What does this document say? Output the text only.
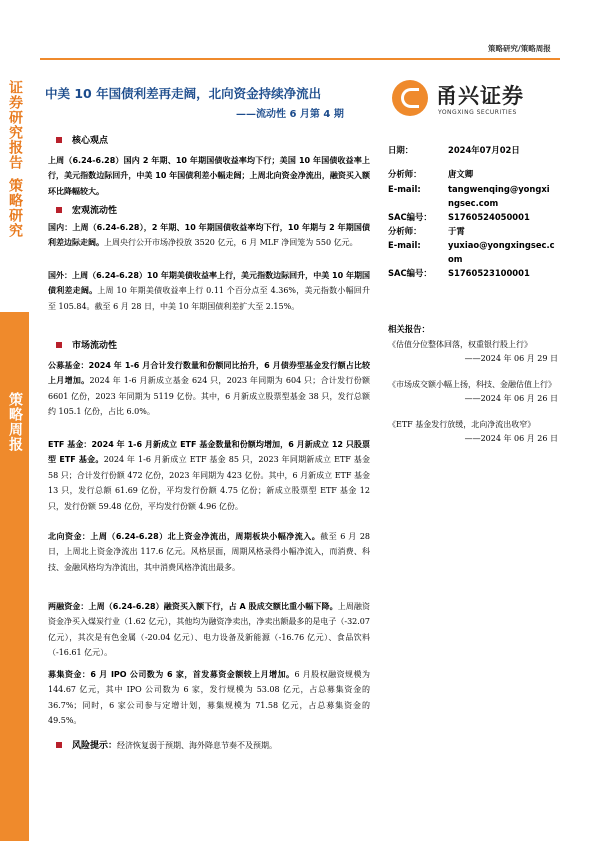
证券研究报告
策略研究
策略周报
策略研究/策略周报
中美 10 年国债利差再走阔，北向资金持续净流出
——流动性 6 月第 4 期
甬兴证券
YONGXING SECURITIES
核心观点
上周（6.24-6.28）国内 2 年期、10 年期国债收益率均下行；美国 10 年国债收益率上行，美元指数边际回升，中美 10 年国债利差小幅走阔；上周北向资金净流出，融资买入额环比降幅较大。
宏观流动性
国内：上周（6.24-6.28），2 年期、10 年期国债收益率均下行，10 年期与 2 年期国债利差边际走阔。上周央行公开市场净投放 3520 亿元，6 月 MLF 净回笼为 550 亿元。
国外：上周（6.24-6.28）10 年期美债收益率上行，美元指数边际回升，中美 10 年期国债利差走阔。上周 10 年期美债收益率上行 0.11 个百分点至 4.36%，美元指数小幅回升至 105.84。截至 6 月 28 日，中美 10 年期国债利差扩大至 2.15%。
市场流动性
公募基金：2024 年 1-6 月合计发行数量和份额同比抬升，6 月债券型基金发行额占比较上月增加。2024 年 1-6 月新成立基金 624 只，2023 年同期为 604 只；合计发行份额 6601 亿份，2023 年同期为 5119 亿份。其中，6 月新成立股票型基金 38 只，发行总额约 105.1 亿份，占比 6.0%。
ETF 基金：2024 年 1-6 月新成立 ETF 基金数量和份额均增加，6 月新成立 12 只股票型 ETF 基金。2024 年 1-6 月新成立 ETF 基金 85 只，2023 年同期新成立 ETF 基金 58 只；合计发行份额 472 亿份，2023 年同期为 423 亿份。其中，6 月新成立 ETF 基金 13 只，发行总额 61.69 亿份，平均发行份额 4.75 亿份；新成立股票型 ETF 基金 12 只，发行份额 59.48 亿份，平均发行份额 4.96 亿份。
北向资金：上周（6.24-6.28）北上资金净流出，周期板块小幅净流入。截至 6 月 28 日，上周北上资金净流出 117.6 亿元。风格层面，周期风格录得小幅净流入，而消费、科技、金融风格均为净流出，其中消费风格净流出最多。
两融资金：上周（6.24-6.28）融资买入额下行，占 A 股成交额比重小幅下降。上周融资资金净买入煤炭行业（1.62 亿元），其他均为融资净卖出，净卖出额最多的是电子（-32.07 亿元），其次是有色金属（-20.04 亿元）、电力设备及新能源（-16.76 亿元）、食品饮料（-16.61 亿元）。
募集资金：6 月 IPO 公司数为 6 家，首发募资金额较上月增加。6 月股权融资规模为 144.67 亿元，其中 IPO 公司数为 6 家，发行规模为 53.08 亿元，占总募集资金的 36.7%；同时，6 家公司参与定增计划，募集规模为 71.58 亿元，占总募集资金的 49.5%。
风险提示：经济恢复弱于预期、海外降息节奏不及预期。
日期：	2024年07月02日
分析师：	唐文卿
E-mail:	tangwenqing@yongxi
ngsec.com
SAC编号： S1760524050001
分析师：	于霄
E-mail:	yuxiao@yongxingsec.c
om
SAC编号： S1760523100001
相关报告：
《估值分位整体回落，权重银行股上行》
——2024 年 06 月 29 日
《市场成交额小幅上扬，科技、金融估值上行》
——2024 年 06 月 26 日
《ETF 基金发行放缓，北向净流出收窄》
——2024 年 06 月 26 日
